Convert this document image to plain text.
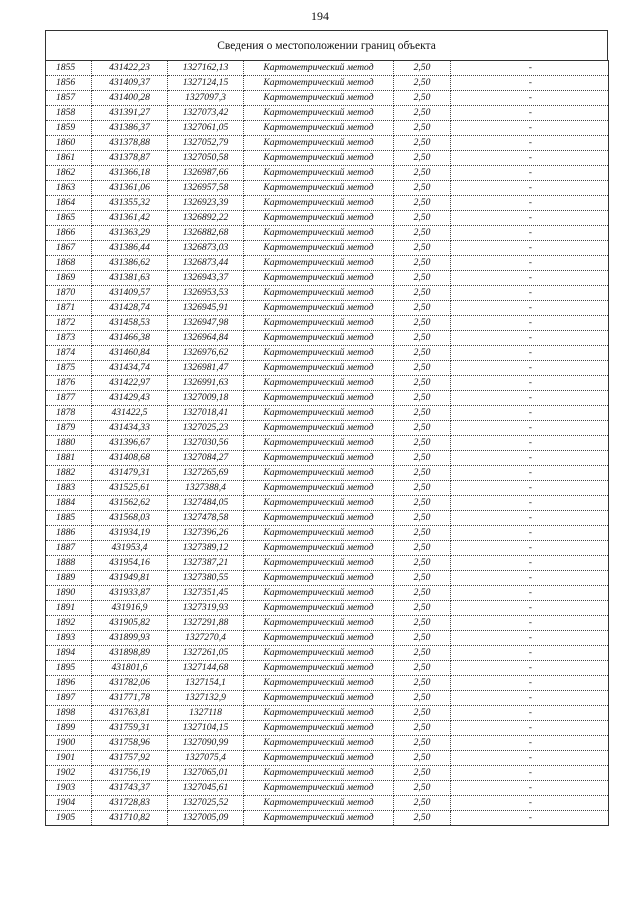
194
Сведения о местоположении границ объекта
1855	431422,23	1327162,13	Картометрический метод	2,50	-
1856	431409,37	1327124,15	Картометрический метод	2,50	-
1857	431400,28	1327097,3	Картометрический метод	2,50	-
1858	431391,27	1327073,42	Картометрический метод	2,50	-
1859	431386,37	1327061,05	Картометрический метод	2,50	-
1860	431378,88	1327052,79	Картометрический метод	2,50	-
1861	431378,87	1327050,58	Картометрический метод	2,50	-
1862	431366,18	1326987,66	Картометрический метод	2,50	-
1863	431361,06	1326957,58	Картометрический метод	2,50	-
1864	431355,32	1326923,39	Картометрический метод	2,50	-
1865	431361,42	1326892,22	Картометрический метод	2,50	-
1866	431363,29	1326882,68	Картометрический метод	2,50	-
1867	431386,44	1326873,03	Картометрический метод	2,50	-
1868	431386,62	1326873,44	Картометрический метод	2,50	-
1869	431381,63	1326943,37	Картометрический метод	2,50	-
1870	431409,57	1326953,53	Картометрический метод	2,50	-
1871	431428,74	1326945,91	Картометрический метод	2,50	-
1872	431458,53	1326947,98	Картометрический метод	2,50	-
1873	431466,38	1326964,84	Картометрический метод	2,50	-
1874	431460,84	1326976,62	Картометрический метод	2,50	-
1875	431434,74	1326981,47	Картометрический метод	2,50	-
1876	431422,97	1326991,63	Картометрический метод	2,50	-
1877	431429,43	1327009,18	Картометрический метод	2,50	-
1878	431422,5	1327018,41	Картометрический метод	2,50	-
1879	431434,33	1327025,23	Картометрический метод	2,50	-
1880	431396,67	1327030,56	Картометрический метод	2,50	-
1881	431408,68	1327084,27	Картометрический метод	2,50	-
1882	431479,31	1327265,69	Картометрический метод	2,50	-
1883	431525,61	1327388,4	Картометрический метод	2,50	-
1884	431562,62	1327484,05	Картометрический метод	2,50	-
1885	431568,03	1327478,58	Картометрический метод	2,50	-
1886	431934,19	1327396,26	Картометрический метод	2,50	-
1887	431953,4	1327389,12	Картометрический метод	2,50	-
1888	431954,16	1327387,21	Картометрический метод	2,50	-
1889	431949,81	1327380,55	Картометрический метод	2,50	-
1890	431933,87	1327351,45	Картометрический метод	2,50	-
1891	431916,9	1327319,93	Картометрический метод	2,50	-
1892	431905,82	1327291,88	Картометрический метод	2,50	-
1893	431899,93	1327270,4	Картометрический метод	2,50	-
1894	431898,89	1327261,05	Картометрический метод	2,50	-
1895	431801,6	1327144,68	Картометрический метод	2,50	-
1896	431782,06	1327154,1	Картометрический метод	2,50	-
1897	431771,78	1327132,9	Картометрический метод	2,50	-
1898	431763,81	1327118	Картометрический метод	2,50	-
1899	431759,31	1327104,15	Картометрический метод	2,50	-
1900	431758,96	1327090,99	Картометрический метод	2,50	-
1901	431757,92	1327075,4	Картометрический метод	2,50	-
1902	431756,19	1327065,01	Картометрический метод	2,50	-
1903	431743,37	1327045,61	Картометрический метод	2,50	-
1904	431728,83	1327025,52	Картометрический метод	2,50	-
1905	431710,82	1327005,09	Картометрический метод	2,50	-
